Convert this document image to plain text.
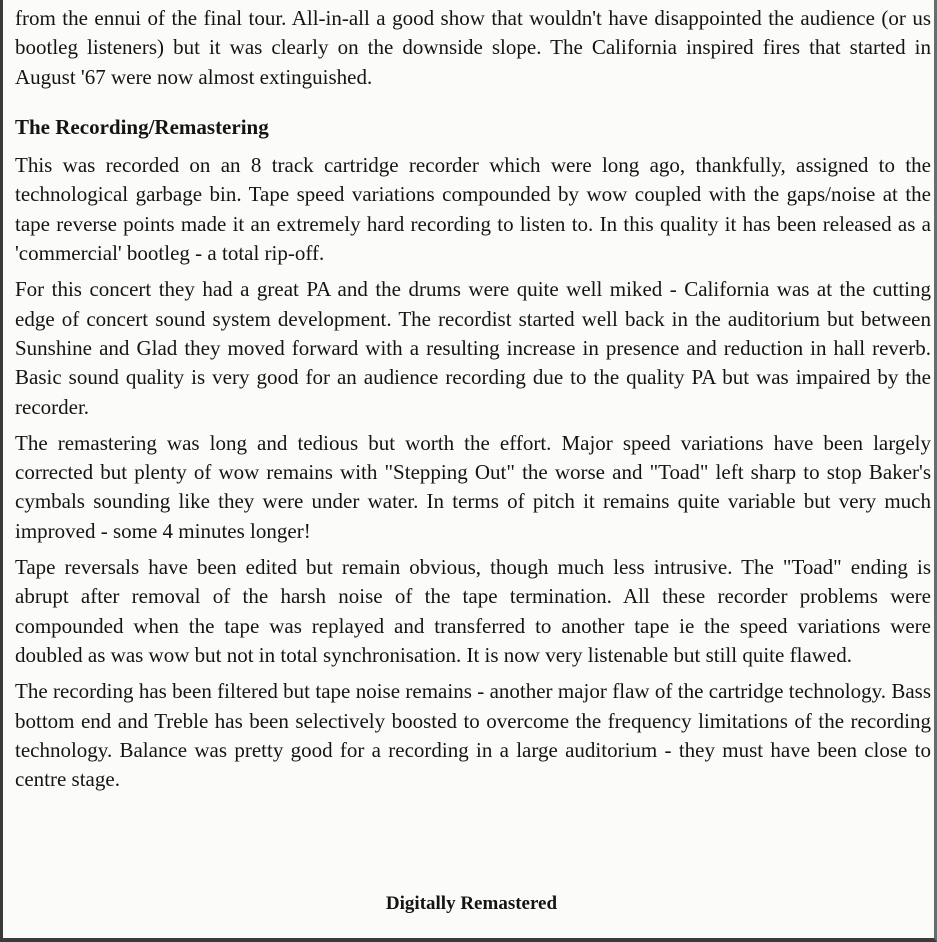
from the ennui of the final tour. All-in-all a good show that wouldn't have disappointed the audience (or us bootleg listeners) but it was clearly on the downside slope. The California inspired fires that started in August '67 were now almost extinguished.

The Recording/Remastering

This was recorded on an 8 track cartridge recorder which were long ago, thankfully, assigned to the technological garbage bin. Tape speed variations compounded by wow coupled with the gaps/noise at the tape reverse points made it an extremely hard recording to listen to. In this quality it has been released as a 'commercial' bootleg - a total rip-off.

For this concert they had a great PA and the drums were quite well miked - California was at the cutting edge of concert sound system development. The recordist started well back in the auditorium but between Sunshine and Glad they moved forward with a resulting increase in presence and reduction in hall reverb. Basic sound quality is very good for an audience recording due to the quality PA but was impaired by the recorder.

The remastering was long and tedious but worth the effort. Major speed variations have been largely corrected but plenty of wow remains with "Stepping Out" the worse and "Toad" left sharp to stop Baker's cymbals sounding like they were under water. In terms of pitch it remains quite variable but very much improved - some 4 minutes longer!

Tape reversals have been edited but remain obvious, though much less intrusive. The "Toad" ending is abrupt after removal of the harsh noise of the tape termination. All these recorder problems were compounded when the tape was replayed and transferred to another tape ie the speed variations were doubled as was wow but not in total synchronisation. It is now very listenable but still quite flawed.

The recording has been filtered but tape noise remains - another major flaw of the cartridge technology. Bass bottom end and Treble has been selectively boosted to overcome the frequency limitations of the recording technology. Balance was pretty good for a recording in a large auditorium - they must have been close to centre stage.

Digitally Remastered
